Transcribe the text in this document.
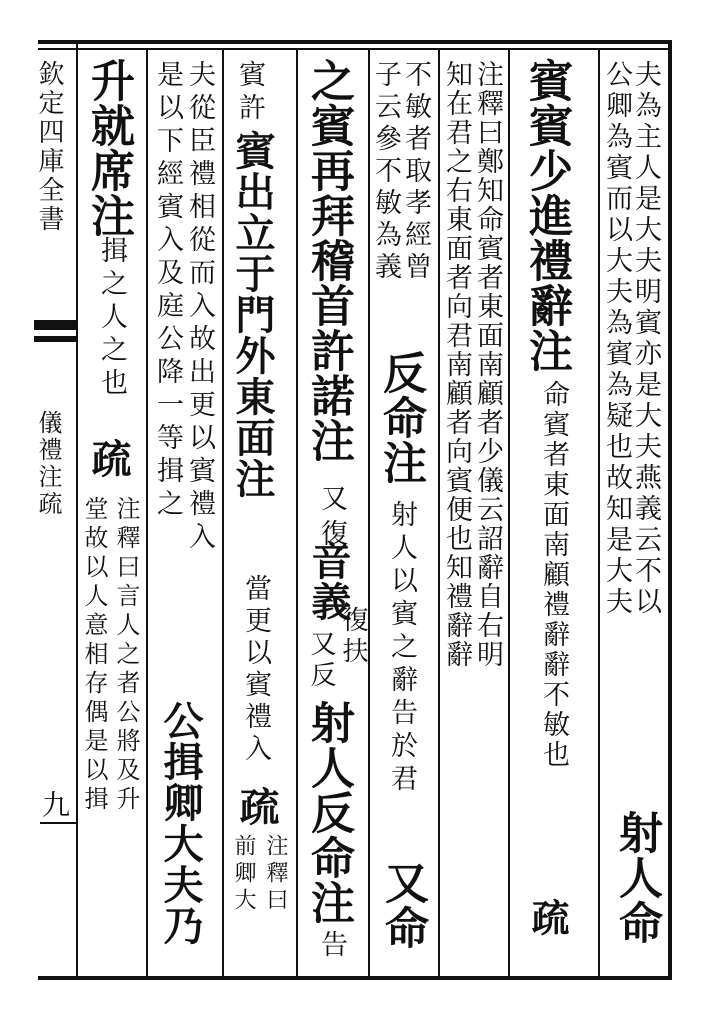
欽定四庫全書
儀禮注疏
九
夫為主人是大夫明賓亦是大夫燕義云不以
公卿為賓而以大夫為賓為疑也故知是大夫
射人命
賓賓少進禮辭注
命賓者東面南顧禮辭辭不敏也
疏
注釋曰鄭知命賓者東面南顧者少儀云詔辭自右明
知在君之右東面者向君南顧者向賓便也知禮辭辭
不敏者取孝經曾
子云參不敏為義
反命注
射人以賓之辭告於君
又命
之賓再拜稽首許諾注
又復
音義
復扶
又反
射人反命注
告
賓許
賓出立于門外東面注
當更以賓禮入
疏
注釋曰
前卿大
夫從臣禮相從而入故出更以賓禮入
公揖卿大夫乃
是以下經賓入及庭公降一等揖之
升就席注
揖之人之也
疏
注釋曰言人之者公將及升
堂故以人意相存偶是以揖
